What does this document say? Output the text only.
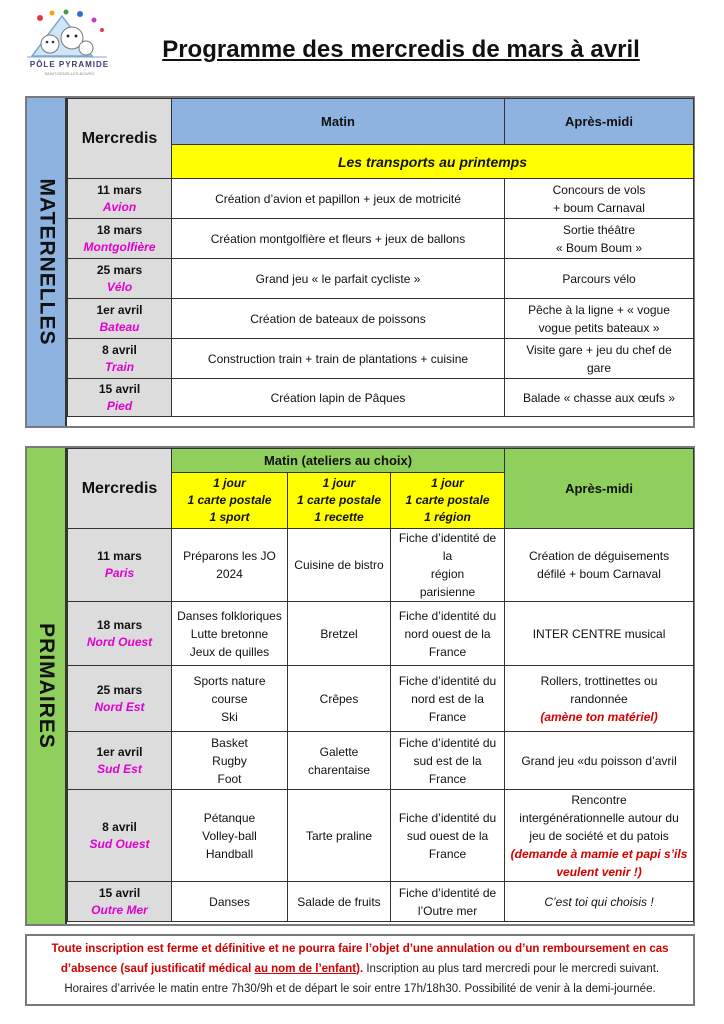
PÔLE PYRAMIDE
SAINT-DENIS-LES-BOURG
Programme des mercredis de mars à avril
MATERNELLES
Mercredis	Matin	Après-midi
	Les transports au printemps	

11 mars
Avion	Création d’avion et papillon + jeux de motricité	Concours de vols
+ boum Carnaval

18 mars
Montgolfière	Création montgolfière et fleurs + jeux de ballons	Sortie théâtre
« Boum Boum »

25 mars
Vélo	Grand jeu « le parfait cycliste »	Parcours vélo

1er avril
Bateau	Création de bateaux de poissons	Pêche à la ligne + « vogue
vogue petits bateaux »

8 avril
Train	Construction train + train de plantations + cuisine	Visite gare + jeu du chef de
gare

15 avril
Pied	Création lapin de Pâques	Balade « chasse aux œufs »
PRIMAIRES
Mercredis	Matin (ateliers au choix)			Après-midi

	1 jour
1 carte postale
1 sport	1 jour
1 carte postale
1 recette	1 jour
1 carte postale
1 région	

11 mars
Paris	Préparons les JO
2024	Cuisine de bistro	Fiche d’identité de la
région
parisienne	Création de déguisements
défilé + boum Carnaval

18 mars
Nord Ouest	Danses folkloriques
Lutte bretonne
Jeux de quilles	Bretzel	Fiche d’identité du
nord ouest de la
France	INTER CENTRE musical

25 mars
Nord Est	Sports nature
course
Ski	Crêpes	Fiche d’identité du
nord est de la
France	Rollers, trottinettes ou
randonnée
(amène ton matériel)

1er avril
Sud Est	Basket
Rugby
Foot	Galette
charentaise	Fiche d’identité du
sud est de la France	Grand jeu «du poisson d’avril

8 avril
Sud Ouest	Pétanque
Volley-ball
Handball	Tarte praline	Fiche d’identité du
sud ouest de la
France	Rencontre
intergénérationnelle autour du
jeu de société et du patois
(demande à mamie et papi s’ils
veulent venir !)

15 avril
Outre Mer	Danses	Salade de fruits	Fiche d’identité de
l’Outre mer	C’est toi qui choisis !
Toute inscription est ferme et définitive et ne pourra faire l’objet d’une annulation ou d’un remboursement en cas d’absence (sauf justificatif médical au nom de l’enfant). Inscription au plus tard mercredi pour le mercredi suivant.
Horaires d’arrivée le matin entre 7h30/9h et de départ le soir entre 17h/18h30. Possibilité de venir à la demi-journée.
